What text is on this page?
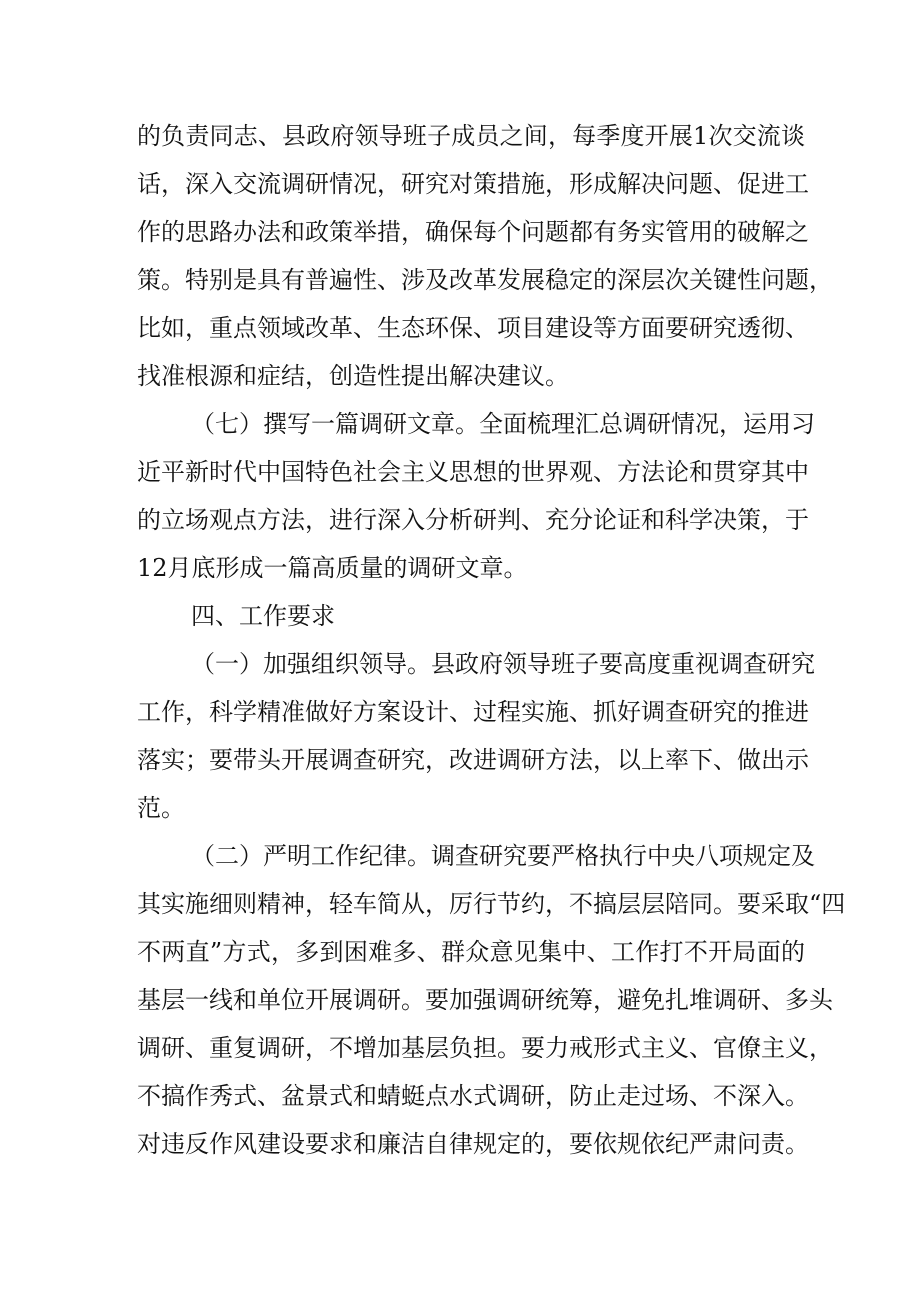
的负责同志、县政府领导班子成员之间，每季度开展1次交流谈
话，深入交流调研情况，研究对策措施，形成解决问题、促进工
作的思路办法和政策举措，确保每个问题都有务实管用的破解之
策。特别是具有普遍性、涉及改革发展稳定的深层次关键性问题，
比如，重点领域改革、生态环保、项目建设等方面要研究透彻、
找准根源和症结，创造性提出解决建议。
（七）撰写一篇调研文章。全面梳理汇总调研情况，运用习
近平新时代中国特色社会主义思想的世界观、方法论和贯穿其中
的立场观点方法，进行深入分析研判、充分论证和科学决策，于
12月底形成一篇高质量的调研文章。
四、工作要求
（一）加强组织领导。县政府领导班子要高度重视调查研究
工作，科学精准做好方案设计、过程实施、抓好调查研究的推进
落实；要带头开展调查研究，改进调研方法，以上率下、做出示
范。
（二）严明工作纪律。调查研究要严格执行中央八项规定及
其实施细则精神，轻车简从，厉行节约，不搞层层陪同。要采取“四
不两直”方式，多到困难多、群众意见集中、工作打不开局面的
基层一线和单位开展调研。要加强调研统筹，避免扎堆调研、多头
调研、重复调研，不增加基层负担。要力戒形式主义、官僚主义，
不搞作秀式、盆景式和蜻蜓点水式调研，防止走过场、不深入。
对违反作风建设要求和廉洁自律规定的，要依规依纪严肃问责。
